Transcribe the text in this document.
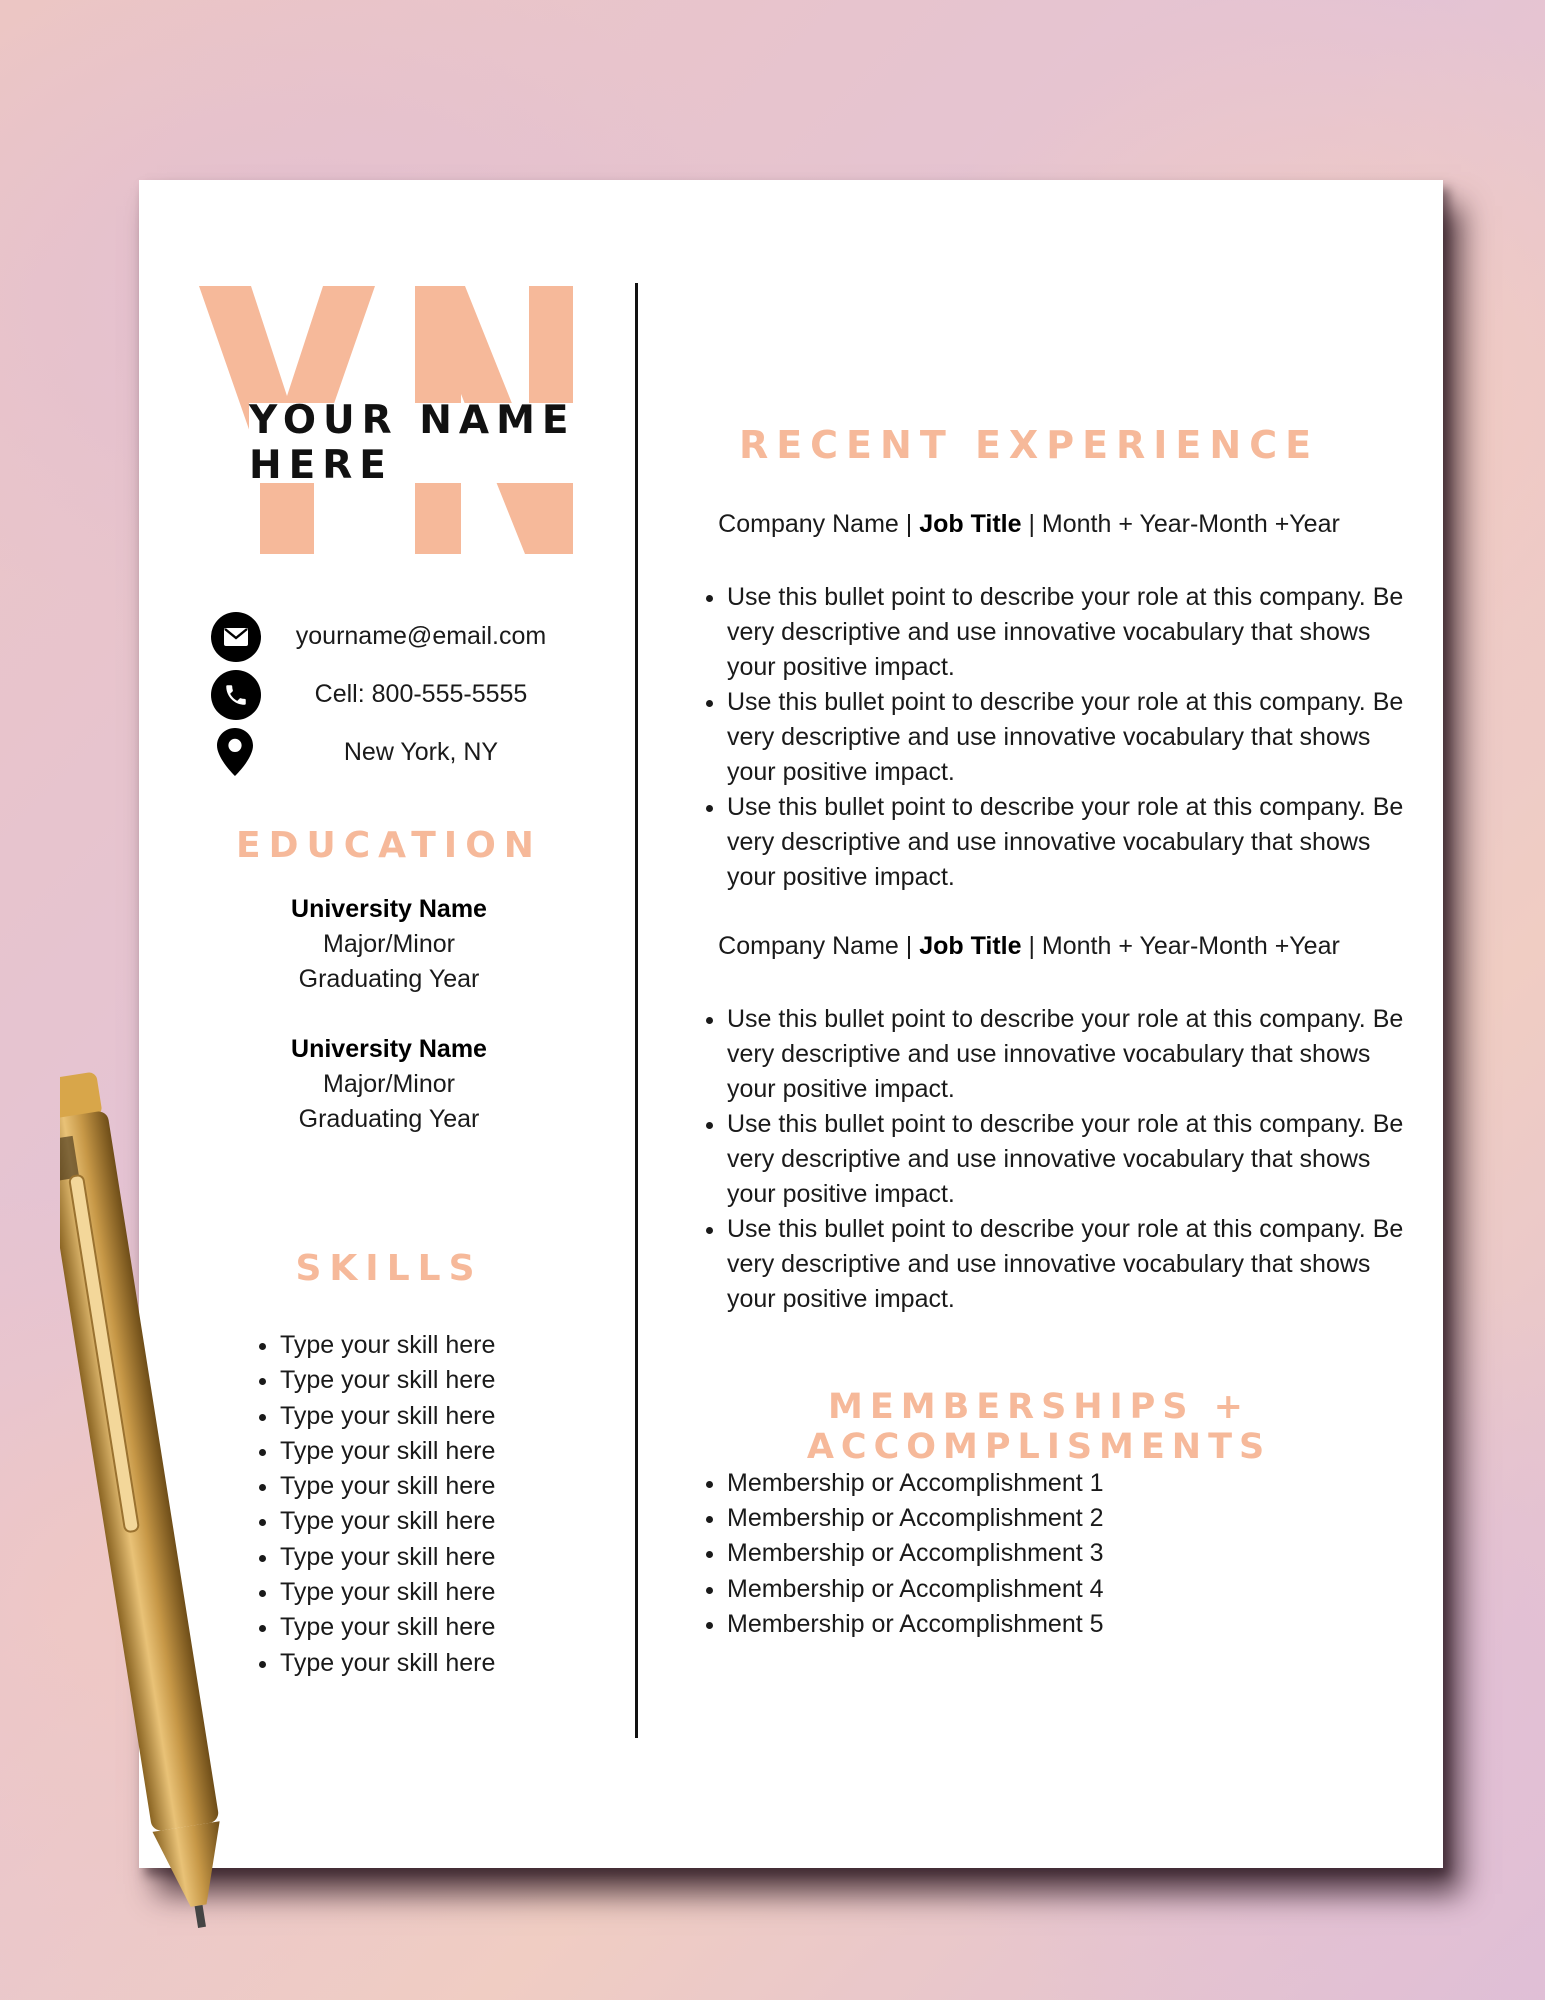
YOUR NAME HERE
yourname@email.com
Cell: 800-555-5555
New York, NY
EDUCATION
University Name
Major/Minor
Graduating Year
University Name
Major/Minor
Graduating Year
SKILLS
• Type your skill here
• Type your skill here
• Type your skill here
• Type your skill here
• Type your skill here
• Type your skill here
• Type your skill here
• Type your skill here
• Type your skill here
• Type your skill here
RECENT EXPERIENCE
Company Name | Job Title | Month + Year-Month +Year
• Use this bullet point to describe your role at this company. Be very descriptive and use innovative vocabulary that shows your positive impact.
• Use this bullet point to describe your role at this company. Be very descriptive and use innovative vocabulary that shows your positive impact.
• Use this bullet point to describe your role at this company. Be very descriptive and use innovative vocabulary that shows your positive impact.
Company Name | Job Title | Month + Year-Month +Year
• Use this bullet point to describe your role at this company. Be very descriptive and use innovative vocabulary that shows your positive impact.
• Use this bullet point to describe your role at this company. Be very descriptive and use innovative vocabulary that shows your positive impact.
• Use this bullet point to describe your role at this company. Be very descriptive and use innovative vocabulary that shows your positive impact.
MEMBERSHIPS + ACCOMPLISMENTS
• Membership or Accomplishment 1
• Membership or Accomplishment 2
• Membership or Accomplishment 3
• Membership or Accomplishment 4
• Membership or Accomplishment 5
